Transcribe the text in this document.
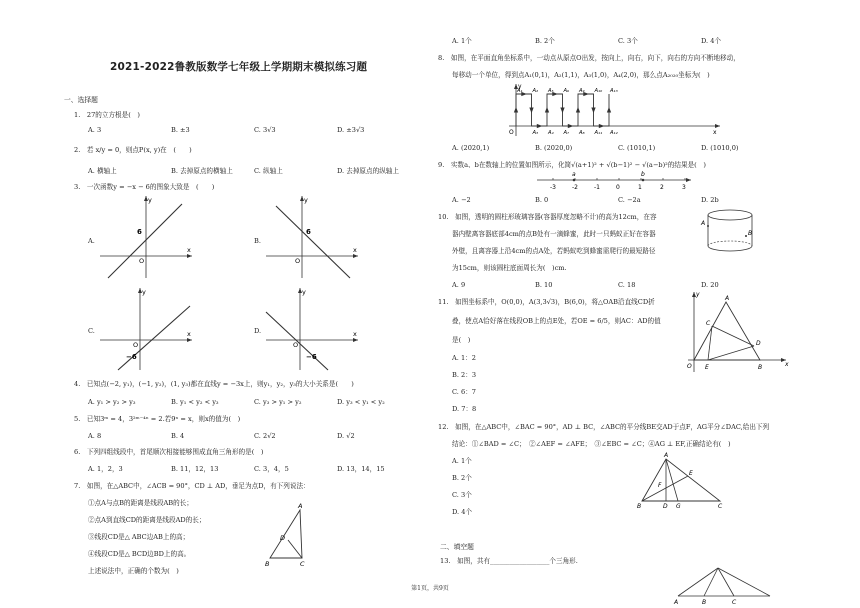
2021-2022鲁教版数学七年级上学期期末模拟练习题
一、选择题
二、填空题
第1页，共9页
1.　27的立方根是(　)
A. 3	B. ±3	C. 3√3	D. ±3√3
2.　若 x/y = 0，则点P(x, y)在　(　　)
A. 横轴上	B. 去掉原点的横轴上	C. 纵轴上	D. 去掉原点的纵轴上
3.　一次函数y = −x − 6的图象大致是　(　　)
A.	B.
C.	D.
y
x
O
6
y
x
O
6
y
x
O
−6
y
x
O
−6
4.　已知点(−2, y₁)，(−1, y₂)，(1, y₃)都在直线y = −3x上，则y₁，y₂，y₃的大小关系是(　　)
A. y₁ > y₂ > y₃	B. y₁ < y₂ < y₃	C. y₃ > y₁ > y₂	D. y₃ < y₁ < y₂
5.　已知3ᵐ = 4，3²ᵐ⁻⁴ⁿ = 2.若9ⁿ = x，则x的值为(　)
A. 8	B. 4	C. 2√2	D. √2
6.　下列四组线段中，首尾顺次相接能够围成直角三角形的是(　)
A. 1，2，3	B. 11，12，13	C. 3，4，5	D. 13，14，15
7.　如图，在△ABC中，∠ACB = 90°，CD ⊥ AD，垂足为点D，有下列说法：
①点A与点B的距离是线段AB的长；
②点A到直线CD的距离是线段AD的长；
③线段CD是△ ABC边AB上的高；
④线段CD是△ BCD边BD上的高。
上述说法中，正确的个数为(　)
A
B	C
D
A. 1个	B. 2个	C. 3个	D. 4个
8.　如图，在平面直角坐标系中，一动点从原点O出发，按向上，向右，向下，向右的方向不断地移动，
每移动一个单位，得到点A₁(0,1)，A₂(1,1)，A₃(1,0)，A₄(2,0)，那么点A₂₀₂₀坐标为(　)
A₁ A₂
A₃ A₄
A₅ A₆
A₇ A₈
A₉ A₁₀
A₁₁ A₁₂
A₁₃
x
y
O
A. (2020,1)	B. (2020,0)	C. (1010,1)	D. (1010,0)
9.　实数a、b在数轴上的位置如图所示，化简√(a+1)² + √(b−1)² − √(a−b)²的结果是(　)
-3	-2	-1	0	1	2	3
a	b
A. −2	B. 0	C. −2a	D. 2b
10.　如图，透明的圆柱形玻璃容器(容器厚度忽略不计)的高为12cm，在容
器内壁离容器底部4cm的点B处有一滴蜂蜜，此时一只蚂蚁正好在容器
外壁，且离容器上沿4cm的点A处，若蚂蚁吃到蜂蜜需爬行的最短路径
为15cm，则该圆柱底面周长为(　)cm.
A
B
A. 9	B. 10	C. 18	D. 20
11.　如图坐标系中，O(0,0)，A(3,3√3)，B(6,0)，将△OAB沿直线CD折
叠，使点A恰好落在线段OB上的点E处，若OE = 6/5，则AC：AD的值
是(　)
A. 1：2
B. 2：3
C. 6：7
D. 7：8
A
B
C
D
E
O	x
y
12.　如图，在△ABC中，∠BAC = 90°，AD ⊥ BC，∠ABC的平分线BE交AD于点F，AG平分∠DAC,给出下列
结论：①∠BAD = ∠C；　②∠AEF = ∠AFE；　③∠EBC = ∠C；④AG ⊥ EF,正确结论有(　)
A. 1个
B. 2个
C. 3个
D. 4个
A
B	C
D
E
F
G
13.　如图，共有__________________个三角形.
A	B	C
